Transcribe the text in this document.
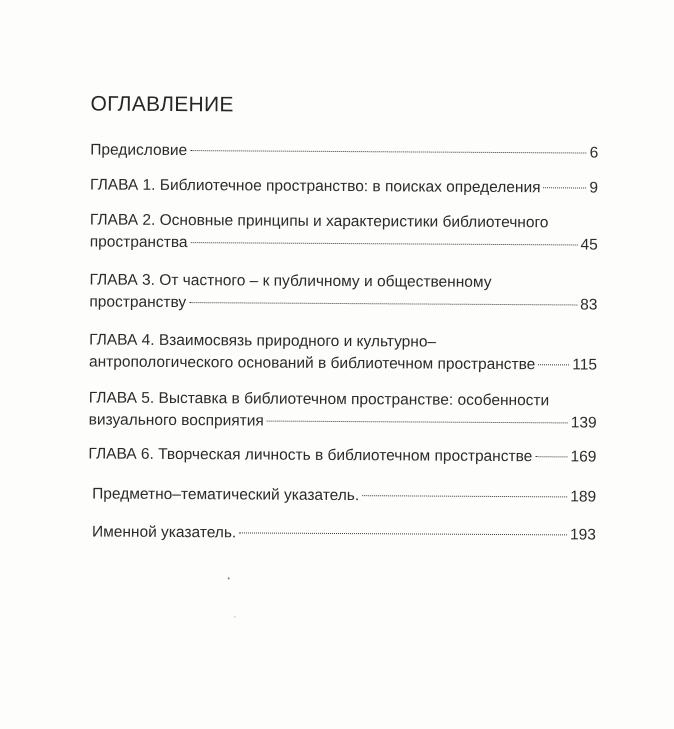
ОГЛАВЛЕНИЕ
Предисловие	6
ГЛАВА 1. Библиотечное пространство: в поисках определения	9
ГЛАВА 2. Основные принципы и характеристики библиотечного
пространства	45
ГЛАВА 3. От частного – к публичному и общественному
пространству	83
ГЛАВА 4. Взаимосвязь природного и культурно–
антропологического оснований в библиотечном пространстве 115
ГЛАВА 5. Выставка в библиотечном пространстве: особенности
визуального восприятия	139
ГЛАВА 6. Творческая личность в библиотечном пространстве 169
Предметно–тематический указатель.	189
Именной указатель.	193
